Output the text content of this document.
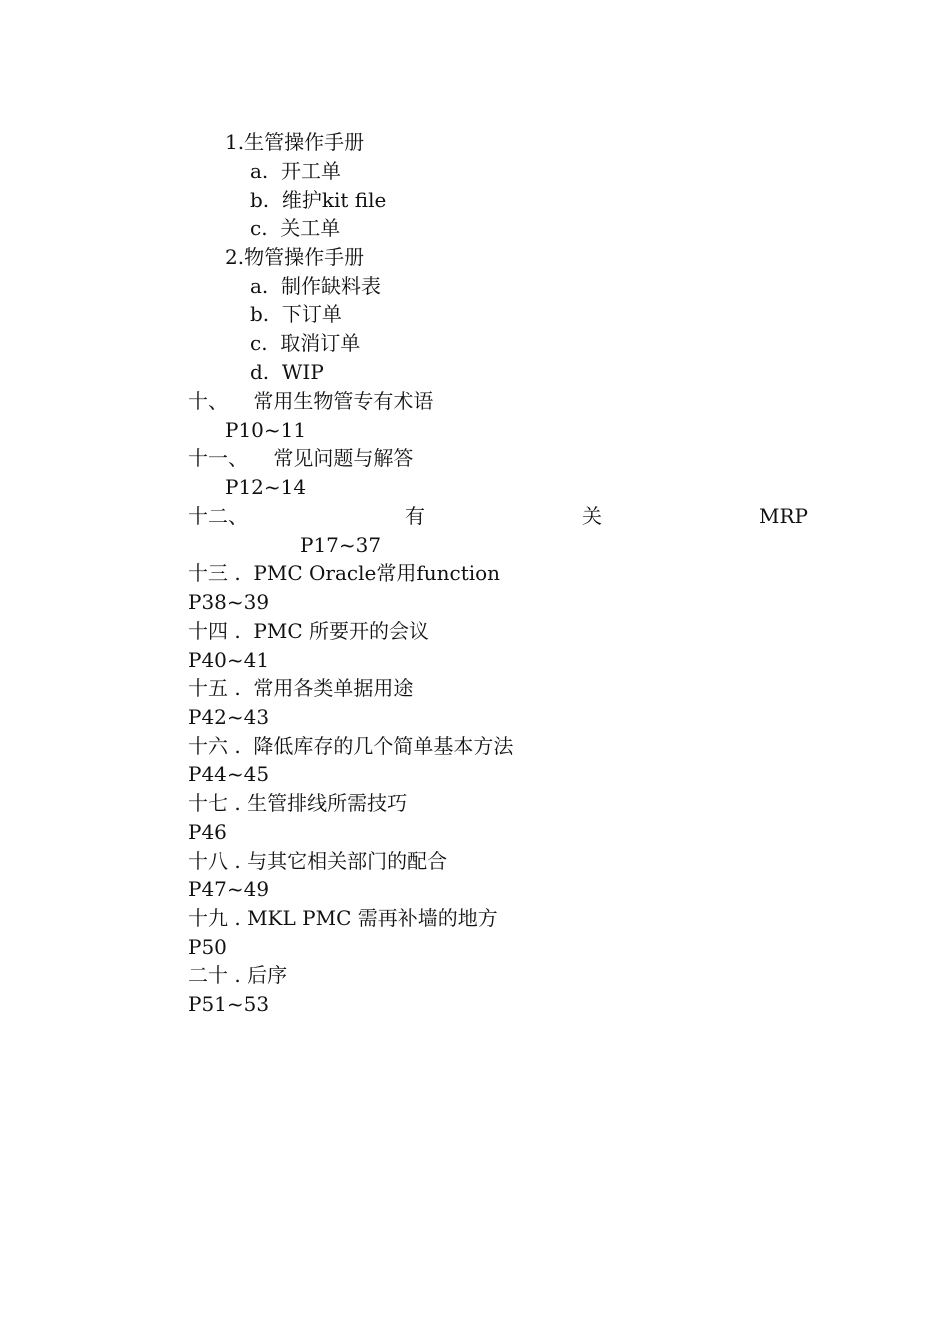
1.生管操作手册

a.  开工单

b.  维护kit file

c.  关工单

2.物管操作手册

a.  制作缺料表

b.  下订单

c.  取消订单

d.  WIP

十、    常用生物管专有术语

P10~11

十一、    常见问题与解答

P12~14

十二、	有	关	MRP

P17~37

十三 .  PMC Oracle常用function

P38~39

十四 .  PMC 所要开的会议

P40~41

十五 .  常用各类单据用途

P42~43

十六 .  降低库存的几个简单基本方法

P44~45

十七 . 生管排线所需技巧

P46

十八 . 与其它相关部门的配合

P47~49

十九 . MKL PMC 需再补墙的地方

P50

二十 . 后序

P51~53
